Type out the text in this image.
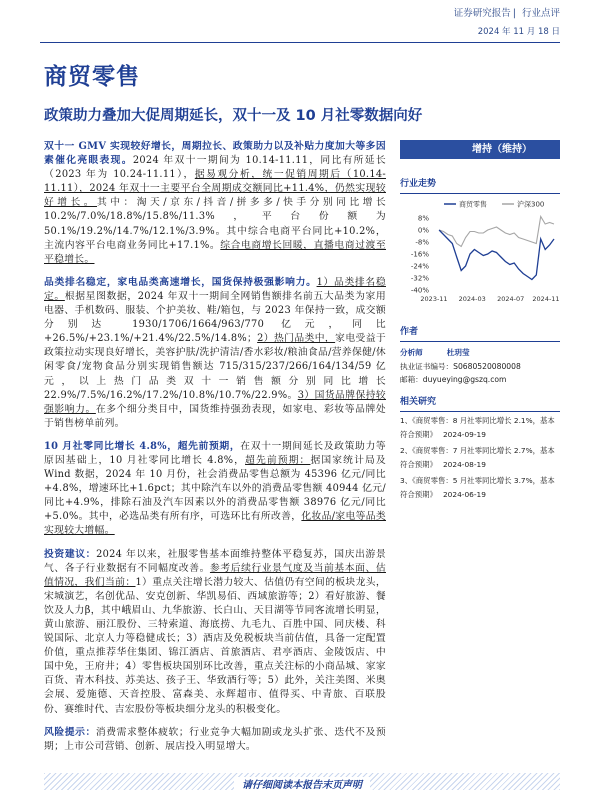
证券研究报告 | 行业点评
2024 年 11 月 18 日
商贸零售
政策助力叠加大促周期延长，双十一及 10 月社零数据向好

双十一 GMV 实现较好增长，周期拉长、政策助力以及补贴力度加大等多因素催化亮眼表现。2024 年双十一期间为 10.14-11.11，同比有所延长（2023 年为 10.24-11.11），据易观分析，统一促销周期后（10.14-11.11），2024 年双十一主要平台全周期成交额同比+11.4%，仍然实现较好增长。其中：淘天/京东/抖音/拼多多/快手分别同比增长 10.2%/7.0%/18.8%/15.8%/11.3%，平台份额为 50.1%/19.2%/14.7%/12.1%/3.9%。其中综合电商平台同比+10.2%，主流内容平台电商业务同比+17.1%。综合电商增长回暖，直播电商过渡至平稳增长。

品类排名稳定，家电品类高速增长，国货保持极强影响力。1）品类排名稳定。根据星图数据，2024 年双十一期间全网销售额排名前五大品类为家用电器、手机数码、服装、个护美妆、鞋/箱包，与 2023 年保持一致，成交额分别达 1930/1706/1664/963/770 亿元，同比+26.5%/+23.1%/+21.4%/22.5%/14.8%；2）热门品类中，家电受益于政策拉动实现良好增长，美容护肤/洗护清洁/香水彩妆/粮油食品/营养保健/休闲零食/宠物食品分别实现销售额达 715/315/237/266/164/134/59 亿元，以上热门品类双十一销售额分别同比增长 22.9%/7.5%/16.2%/17.2%/10.8%/10.7%/22.9%。3）国货品牌保持较强影响力。在多个细分类目中，国货维持强劲表现，如家电、彩妆等品牌处于销售榜单前列。

10 月社零同比增长 4.8%，超先前预期，在双十一期间延长及政策助力等原因基础上，10 月社零同比增长 4.8%，超先前预期：据国家统计局及 Wind 数据，2024 年 10 月份，社会消费品零售总额为 45396 亿元/同比+4.8%，增速环比+1.6pct；其中除汽车以外的消费品零售额 40944 亿元/同比+4.9%，排除石油及汽车因素以外的消费品零售额 38976 亿元/同比+5.0%。其中，必选品类有所有序，可选环比有所改善，化妆品/家电等品类实现较大增幅。

投资建议：2024 年以来，社服零售基本面维持整体平稳复苏，国庆出游景气、各子行业数据有不同幅度改善。参考后续行业景气度及当前基本面、估值情况，我们当前：1）重点关注增长潜力较大、估值仍有空间的板块龙头，宋城演艺，名创优品、安克创新、华凯易佰、西域旅游等；2）看好旅游、餐饮及人力β，其中峨眉山、九华旅游、长白山、天目湖等节同客流增长明显，黄山旅游、丽江股份、三特索道、海底捞、九毛九、百胜中国、同庆楼、科锐国际、北京人力等稳健成长；3）酒店及免税板块当前估值，具备一定配置价值，重点推荐华住集团、锦江酒店、首旅酒店、君亭酒店、金陵饭店、中国中免，王府井；4）零售板块国别环比改善，重点关注标的小商品城、家家百货、青木科技、苏美达、孩子王、华致酒行等；5）此外，关注美图、米奥会展、爱施德、天音控股、富森美、永辉超市、值得买、中青旅、百联股份、赛维时代、吉宏股份等板块细分龙头的积极变化。

风险提示：消费需求整体疲软；行业竞争大幅加剧或龙头扩张、迭代不及预期；上市公司营销、创新、展店投入明显增大。

增持（维持）
行业走势
8%
0%
-8%
-16%
-24%
-32%
-40%
2023-11 2024-03 2024-07 2024-11
商贸零售	沪深300
作者
分析师	杜玥莹
执业证书编号：S0680520080008
邮箱：duyueying@gszq.com
相关研究
1、《商贸零售：8 月社零同比增长 2.1%，基本符合预期》 2024-09-19
2、《商贸零售：7 月社零同比增长 2.7%，基本符合预期》 2024-08-19
3、《商贸零售：5 月社零同比增长 3.7%，基本符合预期》 2024-06-19
请仔细阅读本报告末页声明
